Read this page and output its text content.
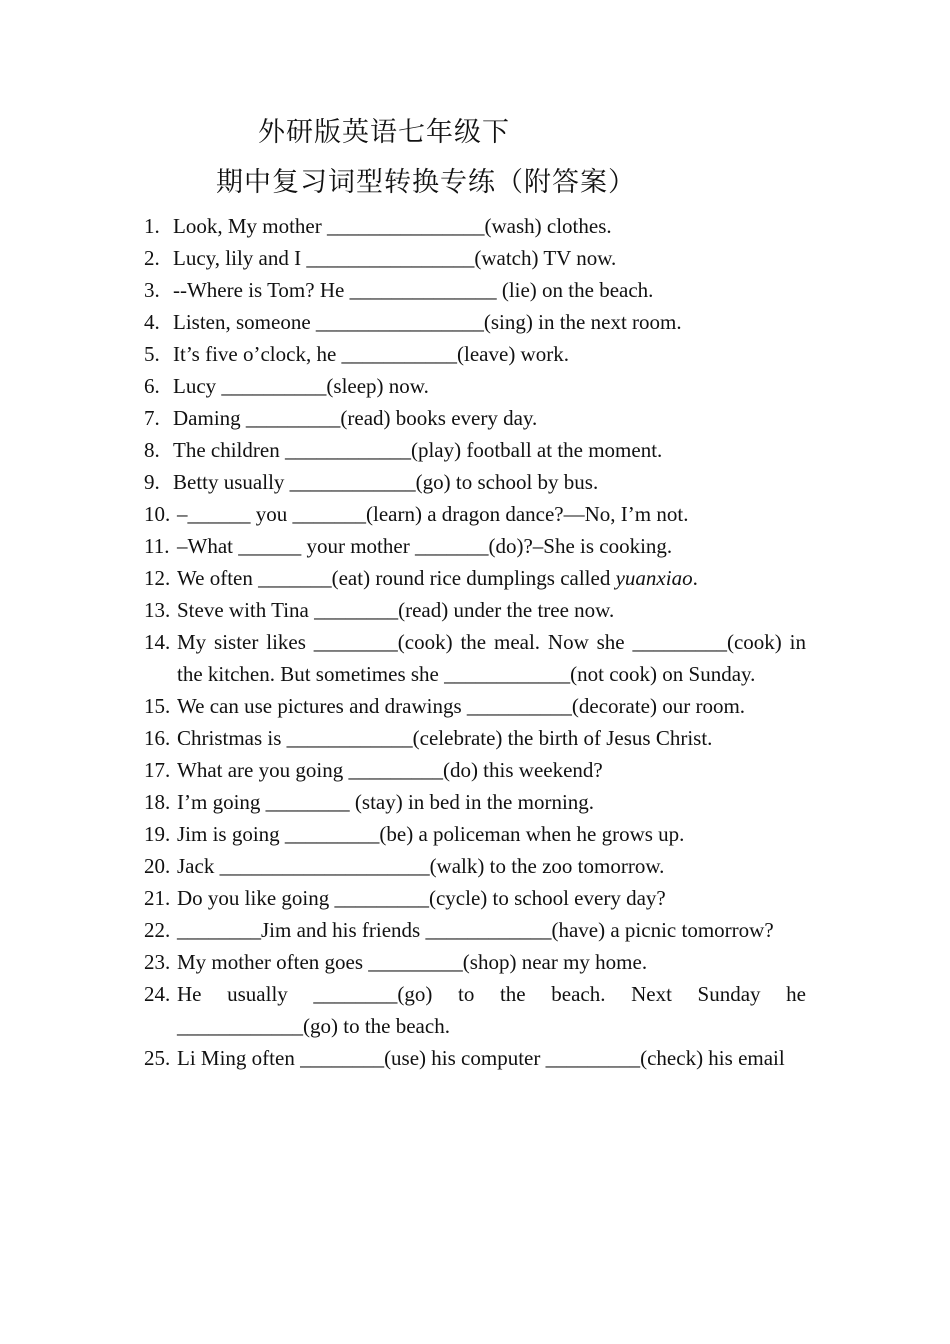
外研版英语七年级下
期中复习词型转换专练（附答案）
1. Look, My mother _______________(wash) clothes.
2. Lucy, lily and I ________________(watch) TV now.
3. --Where is Tom? He ______________ (lie) on the beach.
4. Listen, someone ________________(sing) in the next room.
5. It’s five o’clock, he ___________(leave) work.
6. Lucy __________(sleep) now.
7. Daming _________(read) books every day.
8. The children ____________(play) football at the moment.
9. Betty usually ____________(go) to school by bus.
10. –______ you _______(learn) a dragon dance?—No, I’m not.
11. –What ______ your mother _______(do)?–She is cooking.
12. We often _______(eat) round rice dumplings called yuanxiao.
13. Steve with Tina ________(read) under the tree now.
14. My sister likes ________(cook) the meal. Now she _________(cook) in the kitchen. But sometimes she ____________(not cook) on Sunday.
15. We can use pictures and drawings __________(decorate) our room.
16. Christmas is ____________(celebrate) the birth of Jesus Christ.
17. What are you going _________(do) this weekend?
18. I’m going ________ (stay) in bed in the morning.
19. Jim is going _________(be) a policeman when he grows up.
20. Jack ____________________(walk) to the zoo tomorrow.
21. Do you like going _________(cycle) to school every day?
22. ________Jim and his friends ____________(have) a picnic tomorrow?
23. My mother often goes _________(shop) near my home.
24. He usually ________(go) to the beach. Next Sunday he ____________(go) to the beach.
25. Li Ming often ________(use) his computer _________(check) his email
